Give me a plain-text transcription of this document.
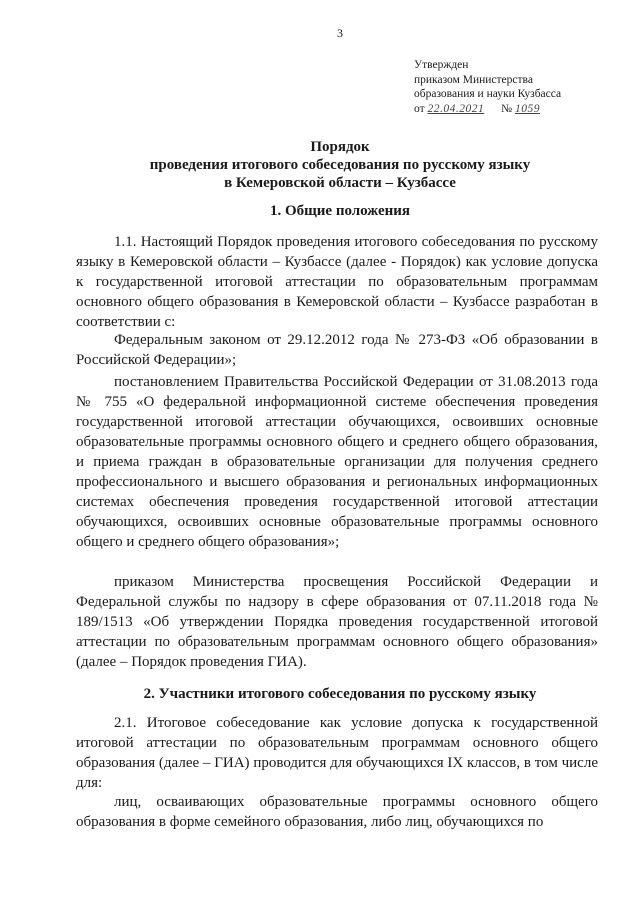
3
Утвержден
приказом Министерства
образования и науки Кузбасса
от 22.04.2021 № 1059
Порядок
проведения итогового собеседования по русскому языку
в Кемеровской области – Кузбассе
1. Общие положения
1.1. Настоящий Порядок проведения итогового собеседования по русскому языку в Кемеровской области – Кузбассе (далее - Порядок) как условие допуска к государственной итоговой аттестации по образовательным программам основного общего образования в Кемеровской области – Кузбассе разработан в соответствии с:
Федеральным законом от 29.12.2012 года № 273-ФЗ «Об образовании в Российской Федерации»;
постановлением Правительства Российской Федерации от 31.08.2013 года № 755 «О федеральной информационной системе обеспечения проведения государственной итоговой аттестации обучающихся, освоивших основные образовательные программы основного общего и среднего общего образования, и приема граждан в образовательные организации для получения среднего профессионального и высшего образования и региональных информационных системах обеспечения проведения государственной итоговой аттестации обучающихся, освоивших основные образовательные программы основного общего и среднего общего образования»;
приказом Министерства просвещения Российской Федерации и Федеральной службы по надзору в сфере образования от 07.11.2018 года № 189/1513 «Об утверждении Порядка проведения государственной итоговой аттестации по образовательным программам основного общего образования» (далее – Порядок проведения ГИА).
2. Участники итогового собеседования по русскому языку
2.1. Итоговое собеседование как условие допуска к государственной итоговой аттестации по образовательным программам основного общего образования (далее – ГИА) проводится для обучающихся IX классов, в том числе для:
лиц, осваивающих образовательные программы основного общего образования в форме семейного образования, либо лиц, обучающихся по
